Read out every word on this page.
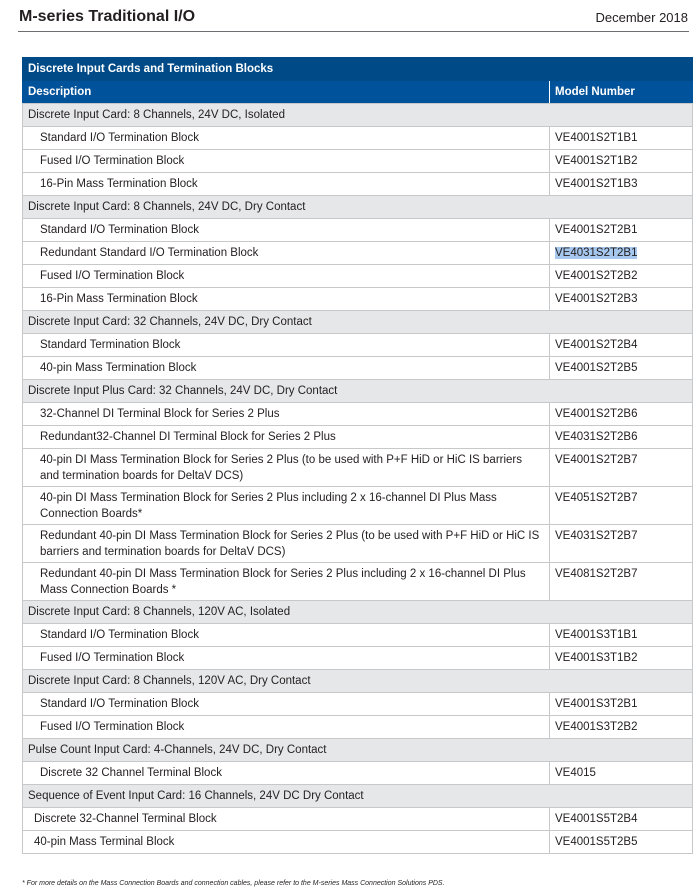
M-series Traditional I/O	December 2018
Discrete Input Cards and Termination Blocks	
Description	Model Number
Discrete Input Card: 8 Channels, 24V DC, Isolated	
Standard I/O Termination Block	VE4001S2T1B1
Fused I/O Termination Block	VE4001S2T1B2
16-Pin Mass Termination Block	VE4001S2T1B3
Discrete Input Card: 8 Channels, 24V DC, Dry Contact	
Standard I/O Termination Block	VE4001S2T2B1
Redundant Standard I/O Termination Block	VE4031S2T2B1
Fused I/O Termination Block	VE4001S2T2B2
16-Pin Mass Termination Block	VE4001S2T2B3
Discrete Input Card: 32 Channels, 24V DC, Dry Contact	
Standard Termination Block	VE4001S2T2B4
40-pin Mass Termination Block	VE4001S2T2B5
Discrete Input Plus Card: 32 Channels, 24V DC, Dry Contact	
32-Channel DI Terminal Block for Series 2 Plus	VE4001S2T2B6
Redundant32-Channel DI Terminal Block for Series 2 Plus	VE4031S2T2B6
40-pin DI Mass Termination Block for Series 2 Plus (to be used with P+F HiD or HiC IS barriers and termination boards for DeltaV DCS)	VE4001S2T2B7
40-pin DI Mass Termination Block for Series 2 Plus including 2 x 16-channel DI Plus Mass Connection Boards*	VE4051S2T2B7
Redundant 40-pin DI Mass Termination Block for Series 2 Plus (to be used with P+F HiD or HiC IS barriers and termination boards for DeltaV DCS)	VE4031S2T2B7
Redundant 40-pin DI Mass Termination Block for Series 2 Plus including 2 x 16-channel DI Plus Mass Connection Boards *	VE4081S2T2B7
Discrete Input Card: 8 Channels, 120V AC, Isolated	
Standard I/O Termination Block	VE4001S3T1B1
Fused I/O Termination Block	VE4001S3T1B2
Discrete Input Card: 8 Channels, 120V AC, Dry Contact	
Standard I/O Termination Block	VE4001S3T2B1
Fused I/O Termination Block	VE4001S3T2B2
Pulse Count Input Card: 4-Channels, 24V DC, Dry Contact	
Discrete 32 Channel Terminal Block	VE4015
Sequence of Event Input Card: 16 Channels, 24V DC Dry Contact	
Discrete 32-Channel Terminal Block	VE4001S5T2B4
40-pin Mass Terminal Block	VE4001S5T2B5
* For more details on the Mass Connection Boards and connection cables, please refer to the M-series Mass Connection Solutions PDS.
